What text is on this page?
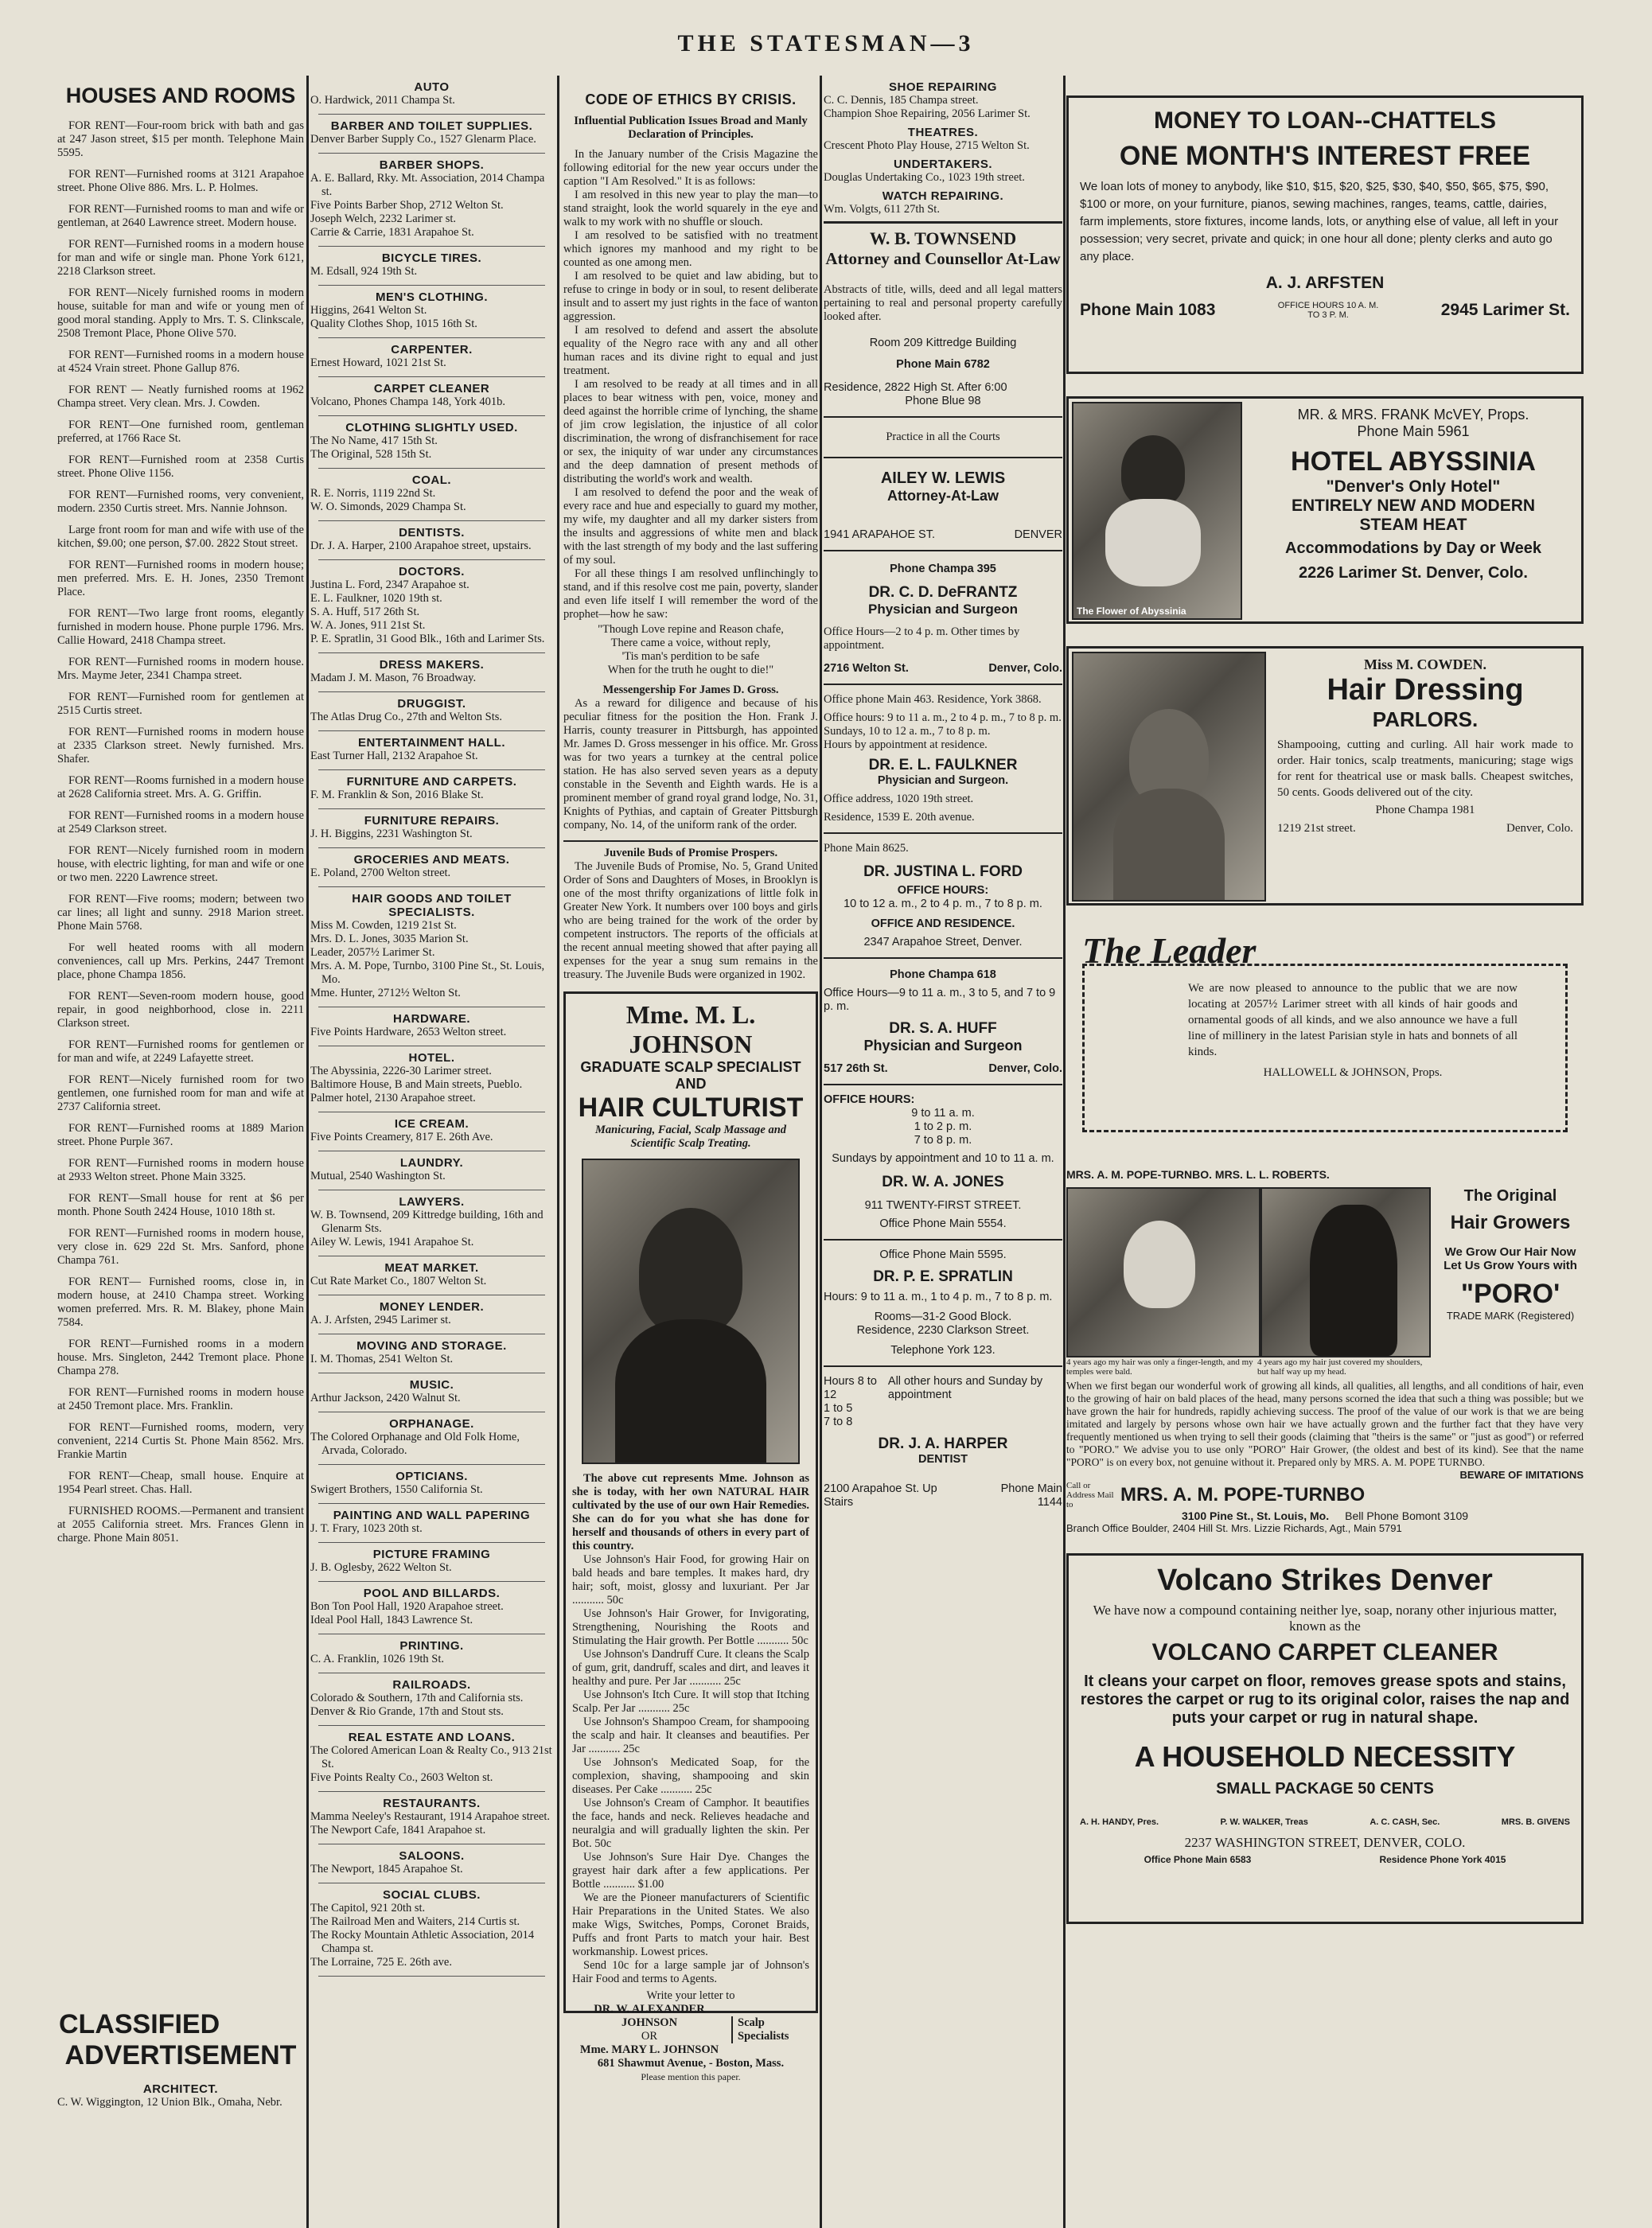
THE STATESMAN—3
HOUSES AND ROOMS
FOR RENT—Four-room brick with bath and gas at 247 Jason street, $15 per month. Telephone Main 5595.
FOR RENT—Furnished rooms at 3121 Arapahoe street. Phone Olive 886. Mrs. L. P. Holmes.
FOR RENT—Furnished rooms to man and wife or gentleman, at 2640 Lawrence street. Modern house.
FOR RENT—Furnished rooms in a modern house for man and wife or single man. Phone York 6121, 2218 Clarkson street.
FOR RENT—Nicely furnished rooms in modern house, suitable for man and wife or young men of good moral standing. Apply to Mrs. T. S. Clinkscale, 2508 Tremont Place, Phone Olive 570.
FOR RENT—Furnished rooms in a modern house at 4524 Vrain street. Phone Gallup 876.
FOR RENT — Neatly furnished rooms at 1962 Champa street. Very clean. Mrs. J. Cowden.
FOR RENT—One furnished room, gentleman preferred, at 1766 Race St.
FOR RENT—Furnished room at 2358 Curtis street. Phone Olive 1156.
FOR RENT—Furnished rooms, very convenient, modern. 2350 Curtis street. Mrs. Nannie Johnson.
Large front room for man and wife with use of the kitchen, $9.00; one person, $7.00. 2822 Stout street.
FOR RENT—Furnished rooms in modern house; men preferred. Mrs. E. H. Jones, 2350 Tremont Place.
FOR RENT—Two large front rooms, elegantly furnished in modern house. Phone purple 1796. Mrs. Callie Howard, 2418 Champa street.
FOR RENT—Furnished rooms in modern house. Mrs. Mayme Jeter, 2341 Champa street.
FOR RENT—Furnished room for gentlemen at 2515 Curtis street.
FOR RENT—Furnished rooms in modern house at 2335 Clarkson street. Newly furnished. Mrs. Shafer.
FOR RENT—Rooms furnished in a modern house at 2628 California street. Mrs. A. G. Griffin.
FOR RENT—Furnished rooms in a modern house at 2549 Clarkson street.
FOR RENT—Nicely furnished room in modern house, with electric lighting, for man and wife or one or two men. 2220 Lawrence street.
FOR RENT—Five rooms; modern; between two car lines; all light and sunny. 2918 Marion street. Phone Main 5768.
For well heated rooms with all modern conveniences, call up Mrs. Perkins, 2447 Tremont place, phone Champa 1856.
FOR RENT—Seven-room modern house, good repair, in good neighborhood, close in. 2211 Clarkson street.
FOR RENT—Furnished rooms for gentlemen or for man and wife, at 2249 Lafayette street.
FOR RENT—Nicely furnished room for two gentlemen, one furnished room for man and wife at 2737 California street.
FOR RENT—Furnished rooms at 1889 Marion street. Phone Purple 367.
FOR RENT—Furnished rooms in modern house at 2933 Welton street. Phone Main 3325.
FOR RENT—Small house for rent at $6 per month. Phone South 2424 House, 1010 18th st.
FOR RENT—Furnished rooms in modern house, very close in. 629 22d St. Mrs. Sanford, phone Champa 761.
FOR RENT— Furnished rooms, close in, in modern house, at 2410 Champa street. Working women preferred. Mrs. R. M. Blakey, phone Main 7584.
FOR RENT—Furnished rooms in a modern house. Mrs. Singleton, 2442 Tremont place. Phone Champa 278.
FOR RENT—Furnished rooms in modern house at 2450 Tremont place. Mrs. Franklin.
FOR RENT—Furnished rooms, modern, very convenient, 2214 Curtis St. Phone Main 8562. Mrs. Frankie Martin
FOR RENT—Cheap, small house. Enquire at 1954 Pearl street. Chas. Hall.
FURNISHED ROOMS.—Permanent and transient at 2055 California street. Mrs. Frances Glenn in charge. Phone Main 8051.
CLASSIFIED
ADVERTISEMENT
ARCHITECT.
C. W. Wiggington, 12 Union Blk., Omaha, Nebr.
AUTO
O. Hardwick, 2011 Champa St.
BARBER AND TOILET SUPPLIES.
Denver Barber Supply Co., 1527 Glenarm Place.
BARBER SHOPS.
A. E. Ballard, Rky. Mt. Association, 2014 Champa st.
Five Points Barber Shop, 2712 Welton St.
Joseph Welch, 2232 Larimer st.
Carrie & Carrie, 1831 Arapahoe St.
BICYCLE TIRES.
M. Edsall, 924 19th St.
MEN'S CLOTHING.
Higgins, 2641 Welton St.
Quality Clothes Shop, 1015 16th St.
CARPENTER.
Ernest Howard, 1021 21st St.
CARPET CLEANER
Volcano, Phones Champa 148, York 401b.
CLOTHING SLIGHTLY USED.
The No Name, 417 15th St.
The Original, 528 15th St.
COAL.
R. E. Norris, 1119 22nd St.
W. O. Simonds, 2029 Champa St.
DENTISTS.
Dr. J. A. Harper, 2100 Arapahoe street, upstairs.
DOCTORS.
Justina L. Ford, 2347 Arapahoe st.
E. L. Faulkner, 1020 19th st.
S. A. Huff, 517 26th St.
W. A. Jones, 911 21st St.
P. E. Spratlin, 31 Good Blk., 16th and Larimer Sts.
DRESS MAKERS.
Madam J. M. Mason, 76 Broadway.
DRUGGIST.
The Atlas Drug Co., 27th and Welton Sts.
ENTERTAINMENT HALL.
East Turner Hall, 2132 Arapahoe St.
FURNITURE AND CARPETS.
F. M. Franklin & Son, 2016 Blake St.
FURNITURE REPAIRS.
J. H. Biggins, 2231 Washington St.
GROCERIES AND MEATS.
E. Poland, 2700 Welton street.
HAIR GOODS AND TOILET SPECIALISTS.
Miss M. Cowden, 1219 21st St.
Mrs. D. L. Jones, 3035 Marion St.
Leader, 2057½ Larimer St.
Mrs. A. M. Pope, Turnbo, 3100 Pine St., St. Louis, Mo.
Mme. Hunter, 2712½ Welton St.
HARDWARE.
Five Points Hardware, 2653 Welton street.
HOTEL.
The Abyssinia, 2226-30 Larimer street.
Baltimore House, B and Main streets, Pueblo.
Palmer hotel, 2130 Arapahoe street.
ICE CREAM.
Five Points Creamery, 817 E. 26th Ave.
LAUNDRY.
Mutual, 2540 Washington St.
LAWYERS.
W. B. Townsend, 209 Kittredge building, 16th and Glenarm Sts.
Ailey W. Lewis, 1941 Arapahoe St.
MEAT MARKET.
Cut Rate Market Co., 1807 Welton St.
MONEY LENDER.
A. J. Arfsten, 2945 Larimer st.
MOVING AND STORAGE.
I. M. Thomas, 2541 Welton St.
MUSIC.
Arthur Jackson, 2420 Walnut St.
ORPHANAGE.
The Colored Orphanage and Old Folk Home, Arvada, Colorado.
OPTICIANS.
Swigert Brothers, 1550 California St.
PAINTING AND WALL PAPERING
J. T. Frary, 1023 20th st.
PICTURE FRAMING
J. B. Oglesby, 2622 Welton St.
POOL AND BILLARDS.
Bon Ton Pool Hall, 1920 Arapahoe street.
Ideal Pool Hall, 1843 Lawrence St.
PRINTING.
C. A. Franklin, 1026 19th St.
RAILROADS.
Colorado & Southern, 17th and California sts.
Denver & Rio Grande, 17th and Stout sts.
REAL ESTATE AND LOANS.
The Colored American Loan & Realty Co., 913 21st St.
Five Points Realty Co., 2603 Welton st.
RESTAURANTS.
Mamma Neeley's Restaurant, 1914 Arapahoe street.
The Newport Cafe, 1841 Arapahoe st.
SALOONS.
The Newport, 1845 Arapahoe St.
SOCIAL CLUBS.
The Capitol, 921 20th st.
The Railroad Men and Waiters, 214 Curtis st.
The Rocky Mountain Athletic Association, 2014 Champa st.
The Lorraine, 725 E. 26th ave.
CODE OF ETHICS BY CRISIS.
Influential Publication Issues Broad and Manly Declaration of Principles.
In the January number of the Crisis Magazine the following editorial for the new year occurs under the caption "I Am Resolved." It is as follows:
I am resolved in this new year to play the man—to stand straight, look the world squarely in the eye and walk to my work with no shuffle or slouch.
I am resolved to be satisfied with no treatment which ignores my manhood and my right to be counted as one among men.
I am resolved to be quiet and law abiding, but to refuse to cringe in body or in soul, to resent deliberate insult and to assert my just rights in the face of wanton aggression.
I am resolved to defend and assert the absolute equality of the Negro race with any and all other human races and its divine right to equal and just treatment.
I am resolved to be ready at all times and in all places to bear witness with pen, voice, money and deed against the horrible crime of lynching, the shame of jim crow legislation, the injustice of all color discrimination, the wrong of disfranchisement for race or sex, the iniquity of war under any circumstances and the deep damnation of present methods of distributing the world's work and wealth.
I am resolved to defend the poor and the weak of every race and hue and especially to guard my mother, my wife, my daughter and all my darker sisters from the insults and aggressions of white men and black with the last strength of my body and the last suffering of my soul.
For all these things I am resolved unflinchingly to stand, and if this resolve cost me pain, poverty, slander and even life itself I will remember the word of the prophet—how he saw:
"Though Love repine and Reason chafe,
There came a voice, without reply,
'Tis man's perdition to be safe
When for the truth he ought to die!"
Messengership For James D. Gross.
As a reward for diligence and because of his peculiar fitness for the position the Hon. Frank J. Harris, county treasurer in Pittsburgh, has appointed Mr. James D. Gross messenger in his office. Mr. Gross was for two years a turnkey at the central police station. He has also served seven years as a deputy constable in the Seventh and Eighth wards. He is a prominent member of grand royal grand lodge, No. 31, Knights of Pythias, and captain of Greater Pittsburgh company, No. 14, of the uniform rank of the order.
Juvenile Buds of Promise Prospers.
The Juvenile Buds of Promise, No. 5, Grand United Order of Sons and Daughters of Moses, in Brooklyn is one of the most thrifty organizations of little folk in Greater New York. It numbers over 100 boys and girls who are being trained for the work of the order by competent instructors. The reports of the officials at the recent annual meeting showed that after paying all expenses for the year a snug sum remains in the treasury. The Juvenile Buds were organized in 1902.
Mme. M. L. JOHNSON
GRADUATE SCALP SPECIALIST AND
HAIR CULTURIST
Manicuring, Facial, Scalp Massage and Scientific Scalp Treating.
The above cut represents Mme. Johnson as she is today, with her own NATURAL HAIR cultivated by the use of our own Hair Remedies. She can do for you what she has done for herself and thousands of others in every part of this country.
Use Johnson's Hair Food, for growing Hair on bald heads and bare temples. It makes hard, dry hair; soft, moist, glossy and luxuriant. Per Jar ........... 50c
Use Johnson's Hair Grower, for Invigorating, Strengthening, Nourishing the Roots and Stimulating the Hair growth. Per Bottle ........... 50c
Use Johnson's Dandruff Cure. It cleans the Scalp of gum, grit, dandruff, scales and dirt, and leaves it healthy and pure. Per Jar ........... 25c
Use Johnson's Itch Cure. It will stop that Itching Scalp. Per Jar ........... 25c
Use Johnson's Shampoo Cream, for shampooing the scalp and hair. It cleanses and beautifies. Per Jar ........... 25c
Use Johnson's Medicated Soap, for the complexion, shaving, shampooing and skin diseases. Per Cake ........... 25c
Use Johnson's Cream of Camphor. It beautifies the face, hands and neck. Relieves headache and neuralgia and will gradually lighten the skin. Per Bot. 50c
Use Johnson's Sure Hair Dye. Changes the grayest hair dark after a few applications. Per Bottle ........... $1.00
We are the Pioneer manufacturers of Scientific Hair Preparations in the United States. We also make Wigs, Switches, Pomps, Coronet Braids, Puffs and front Parts to match your hair. Best workmanship. Lowest prices.
Send 10c for a large sample jar of Johnson's Hair Food and terms to Agents.
Write your letter to
DR. W. ALEXANDER JOHNSON
OR
Mme. MARY L. JOHNSON
Scalp Specialists
681 Shawmut Avenue, - Boston, Mass.
Please mention this paper.
SHOE REPAIRING
C. C. Dennis, 185 Champa street.
Champion Shoe Repairing, 2056 Larimer St.
THEATRES.
Crescent Photo Play House, 2715 Welton St.
UNDERTAKERS.
Douglas Undertaking Co., 1023 19th street.
WATCH REPAIRING.
Wm. Volgts, 611 27th St.
W. B. TOWNSEND
Attorney and Counsellor At-Law
Abstracts of title, wills, deed and all legal matters pertaining to real and personal property carefully looked after.
Room 209 Kittredge Building
Phone Main 6782
Residence, 2822 High St. After 6:00
Phone Blue 98
Practice in all the Courts
AILEY W. LEWIS
Attorney-At-Law
1941 ARAPAHOE ST.	DENVER
Phone Champa 395
DR. C. D. DeFRANTZ
Physician and Surgeon
Office Hours—2 to 4 p. m. Other times by appointment.
2716 Welton St.	Denver, Colo.
Office phone Main 463. Residence, York 3868.
Office hours: 9 to 11 a. m., 2 to 4 p. m., 7 to 8 p. m.
Sundays, 10 to 12 a. m., 7 to 8 p. m.
Hours by appointment at residence.
DR. E. L. FAULKNER
Physician and Surgeon.
Office address, 1020 19th street.
Residence, 1539 E. 20th avenue.
Phone Main 8625.
DR. JUSTINA L. FORD
OFFICE HOURS:
10 to 12 a. m., 2 to 4 p. m., 7 to 8 p. m.
OFFICE AND RESIDENCE.
2347 Arapahoe Street, Denver.
Phone Champa 618
Office Hours—9 to 11 a. m., 3 to 5, and 7 to 9 p. m.
DR. S. A. HUFF
Physician and Surgeon
517 26th St.	Denver, Colo.
OFFICE HOURS:
9 to 11 a. m.
1 to 2 p. m.
7 to 8 p. m.
Sundays by appointment and 10 to 11 a. m.
DR. W. A. JONES
911 TWENTY-FIRST STREET.
Office Phone Main 5554.
Office Phone Main 5595.
DR. P. E. SPRATLIN
Hours: 9 to 11 a. m., 1 to 4 p. m., 7 to 8 p. m.
Rooms—31-2 Good Block.
Residence, 2230 Clarkson Street.
Telephone York 123.
Hours 8 to 12
1 to 5
7 to 8
All other hours and Sunday by appointment
DR. J. A. HARPER
DENTIST
2100 Arapahoe St. Up Stairs
Phone Main 1144
MONEY TO LOAN--CHATTELS
ONE MONTH'S INTEREST FREE
We loan lots of money to anybody, like $10, $15, $20, $25, $30, $40, $50, $65, $75, $90, $100 or more, on your furniture, pianos, sewing machines, ranges, teams, cattle, dairies, farm implements, store fixtures, income lands, lots, or anything else of value, all left in your possession; very secret, private and quick; in one hour all done; plenty clerks and auto go any place.
A. J. ARFSTEN
Phone Main 1083	OFFICE HOURS 10 A. M. TO 3 P. M.	2945 Larimer St.
The Flower of Abyssinia
MR. & MRS. FRANK McVEY, Props.
Phone Main 5961
HOTEL ABYSSINIA
"Denver's Only Hotel"
ENTIRELY NEW AND MODERN
STEAM HEAT
Accommodations by Day or Week
2226 Larimer St. Denver, Colo.
Miss M. COWDEN.
Hair Dressing
PARLORS.
Shampooing, cutting and curling. All hair work made to order. Hair tonics, scalp treatments, manicuring; stage wigs for rent for theatrical use or mask balls. Cheapest switches, 50 cents. Goods delivered out of the city.
Phone Champa 1981
1219 21st street.	Denver, Colo.
The Leader
We are now pleased to announce to the public that we are now locating at 2057½ Larimer street with all kinds of hair goods and ornamental goods of all kinds, and we also announce we have a full line of millinery in the latest Parisian style in hats and bonnets of all kinds.
HALLOWELL & JOHNSON, Props.
MRS. A. M. POPE-TURNBO. MRS. L. L. ROBERTS.
The Original
Hair Growers
We Grow Our Hair Now Let Us Grow Yours with
"PORO'
TRADE MARK (Registered)
4 years ago my hair was only a finger-length, and my temples were bald.
4 years ago my hair just covered my shoulders, but half way up my head.
When we first began our wonderful work of growing all kinds, all qualities, all lengths, and all conditions of hair, even to the growing of hair on bald places of the head, many persons scorned the idea that such a thing was possible; but we have grown the hair for hundreds, rapidly achieving success. The proof of the value of our work is that we are being imitated and largely by persons whose own hair we have actually grown and the further fact that they have very frequently mentioned us when trying to sell their goods (claiming that "theirs is the same" or "just as good") or referred to "PORO." We advise you to use only "PORO" Hair Grower, (the oldest and best of its kind). See that the name "PORO" is on every box, not genuine without it. Prepared only by MRS. A. M. POPE TURNBO.
BEWARE OF IMITATIONS
Call or Address Mail to	MRS. A. M. POPE-TURNBO
3100 Pine St., St. Louis, Mo. Bell Phone Bomont 3109
Branch Office Boulder, 2404 Hill St. Mrs. Lizzie Richards, Agt., Main 5791
Volcano Strikes Denver
We have now a compound containing neither lye, soap, norany other injurious matter, known as the
VOLCANO CARPET CLEANER
It cleans your carpet on floor, removes grease spots and stains, restores the carpet or rug to its original color, raises the nap and puts your carpet or rug in natural shape.
A HOUSEHOLD NECESSITY
SMALL PACKAGE 50 CENTS
A. H. HANDY, Pres.	P. W. WALKER, Treas	A. C. CASH, Sec.	MRS. B. GIVENS
2237 WASHINGTON STREET, DENVER, COLO.
Office Phone Main 6583	Residence Phone York 4015
